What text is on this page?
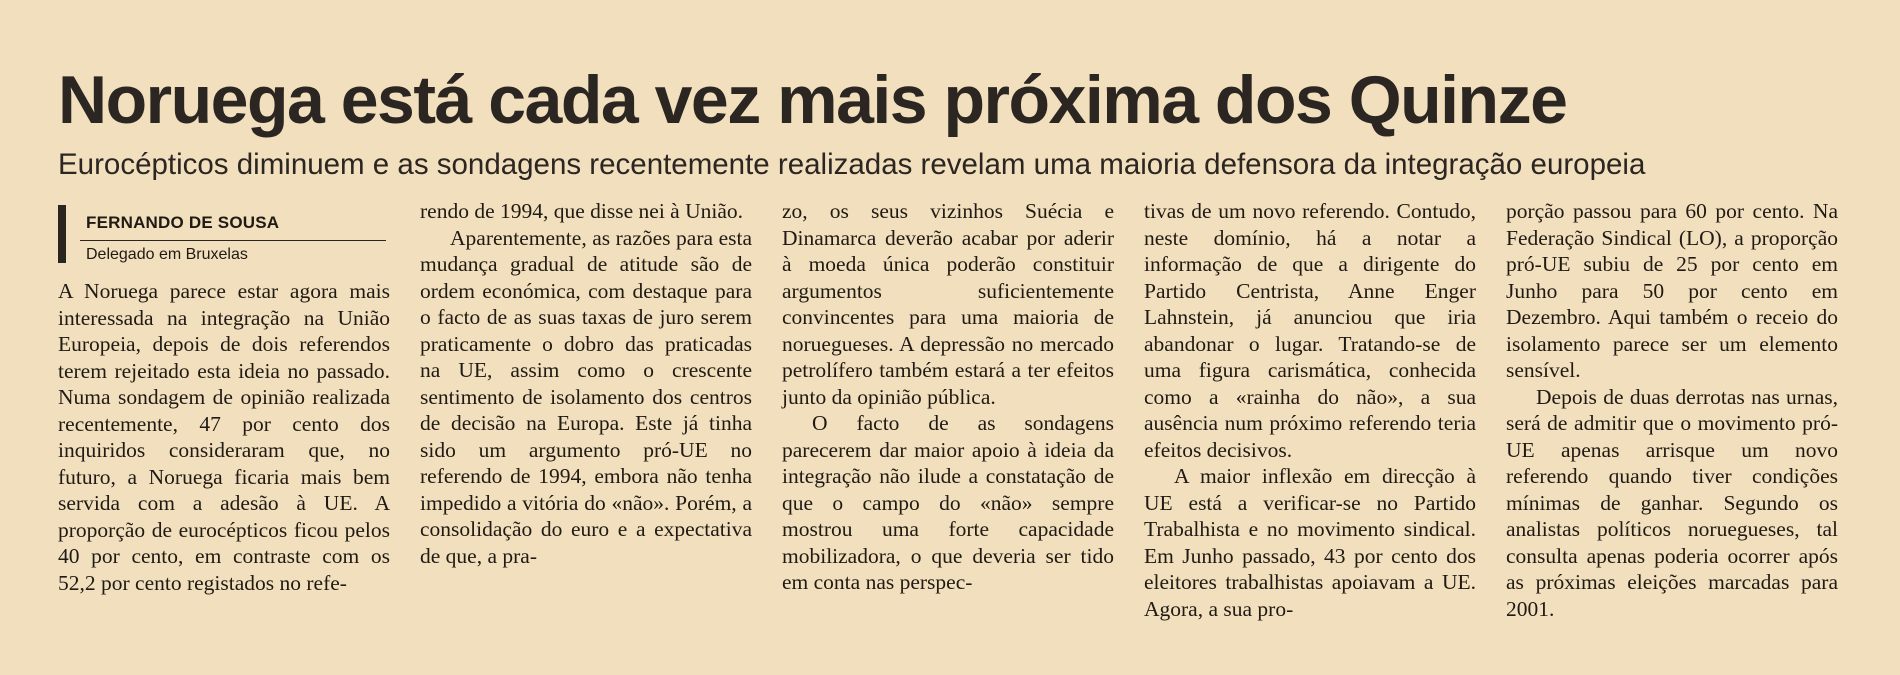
Noruega está cada vez mais próxima dos Quinze
Eurocépticos diminuem e as sondagens recentemente realizadas revelam uma maioria defensora da integração europeia
FERNANDO DE SOUSA
Delegado em Bruxelas

A Noruega parece estar agora mais interessada na integração na União Europeia, depois de dois referendos terem rejeitado esta ideia no passado. Numa sondagem de opinião realizada recentemente, 47 por cento dos inquiridos consideraram que, no futuro, a Noruega ficaria mais bem servida com a adesão à UE. A proporção de eurocépticos ficou pelos 40 por cento, em contraste com os 52,2 por cento registados no refe-

rendo de 1994, que disse nei à União.

Aparentemente, as razões para esta mudança gradual de atitude são de ordem económica, com destaque para o facto de as suas taxas de juro serem praticamente o dobro das praticadas na UE, assim como o crescente sentimento de isolamento dos centros de decisão na Europa. Este já tinha sido um argumento pró-UE no referendo de 1994, embora não tenha impedido a vitória do «não». Porém, a consolidação do euro e a expectativa de que, a pra-

zo, os seus vizinhos Suécia e Dinamarca deverão acabar por aderir à moeda única poderão constituir argumentos suficientemente convincentes para uma maioria de noruegueses. A depressão no mercado petrolífero também estará a ter efeitos junto da opinião pública.

O facto de as sondagens parecerem dar maior apoio à ideia da integração não ilude a constatação de que o campo do «não» sempre mostrou uma forte capacidade mobilizadora, o que deveria ser tido em conta nas perspec-

tivas de um novo referendo. Contudo, neste domínio, há a notar a informação de que a dirigente do Partido Centrista, Anne Enger Lahnstein, já anunciou que iria abandonar o lugar. Tratando-se de uma figura carismática, conhecida como a «rainha do não», a sua ausência num próximo referendo teria efeitos decisivos.

A maior inflexão em direcção à UE está a verificar-se no Partido Trabalhista e no movimento sindical. Em Junho passado, 43 por cento dos eleitores trabalhistas apoiavam a UE. Agora, a sua pro-

porção passou para 60 por cento. Na Federação Sindical (LO), a proporção pró-UE subiu de 25 por cento em Junho para 50 por cento em Dezembro. Aqui também o receio do isolamento parece ser um elemento sensível.

Depois de duas derrotas nas urnas, será de admitir que o movimento pró-UE apenas arrisque um novo referendo quando tiver condições mínimas de ganhar. Segundo os analistas políticos noruegueses, tal consulta apenas poderia ocorrer após as próximas eleições marcadas para 2001.
